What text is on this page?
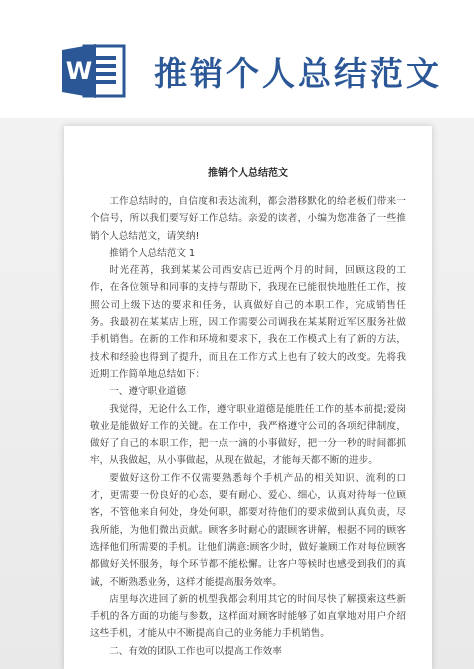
W 推销个人总结范文
推销个人总结范文

工作总结时的，自信度和表达流利，都会潜移默化的给老板们带来一个信号，所以我们要写好工作总结。亲爱的读者，小编为您准备了一些推销个人总结范文，请笑纳!

推销个人总结范文 1

时光荏苒，我到某某公司西安店已近两个月的时间，回顾这段的工作，在各位领导和同事的支持与帮助下，我现在已能很快地胜任工作，按照公司上级下达的要求和任务，认真做好自己的本职工作，完成销售任务。我最初在某某店上班，因工作需要公司调我在某某附近军区服务社做手机销售。在新的工作和环境和要求下，我在工作模式上有了新的方法，技术和经验也得到了提升，而且在工作方式上也有了较大的改变。先将我近期工作简单地总结如下：

一、遵守职业道德

我觉得，无论什么工作，遵守职业道德是能胜任工作的基本前提;爱岗敬业是能做好工作的关键。在工作中，我严格遵守公司的各项纪律制度，做好了自己的本职工作，把一点一滴的小事做好，把一分一秒的时间都抓牢，从我做起，从小事做起，从现在做起，才能每天都不断的进步。

要做好这份工作不仅需要熟悉每个手机产品的相关知识、流利的口才，更需要一份良好的心态，要有耐心、爱心、细心，认真对待每一位顾客，不管他来自何处，身处何职，都要对待他们的要求做到认真负责，尽我所能，为他们微出贡献。顾客多时耐心的跟顾客讲解，根据不同的顾客选择他们所需要的手机。让他们满意:顾客少时，做好兼顾工作对每位顾客都做好关怀服务，每个环节都不能松懈。让客户等候时也感受到我们的真诚，不断熟悉业务，这样才能提高服务效率。

店里每次进回了新的机型我都会利用其它的时间尽快了解摸索这些新手机的各方面的功能与参数，这样面对顾客时能够了如直掌地对用户介绍这些手机，才能从中不断提高自己的业务能力手机销售。

二、有效的团队工作也可以提高工作效率
